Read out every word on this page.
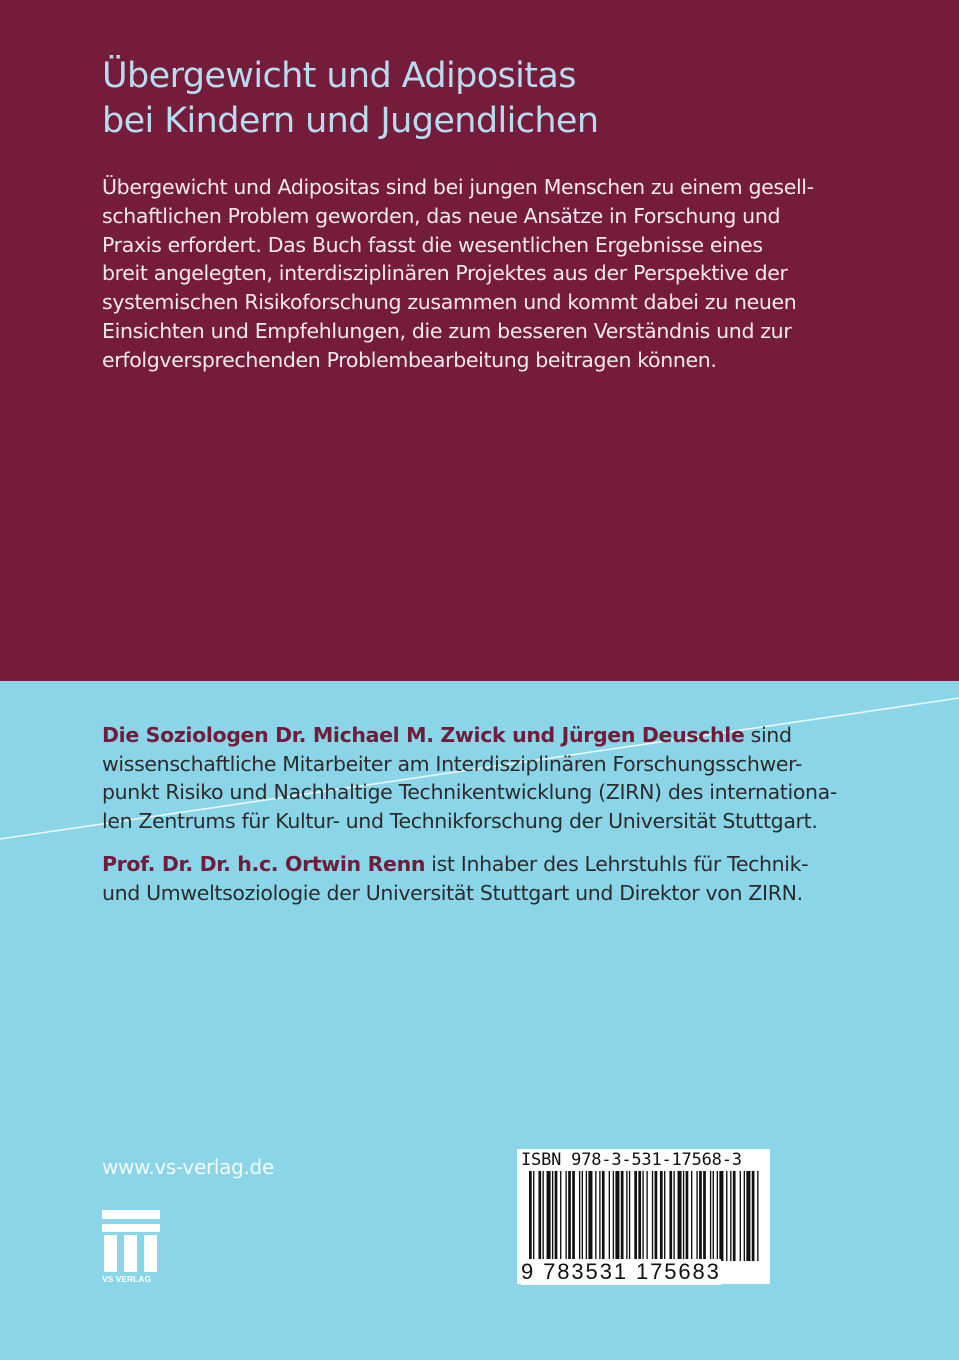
Übergewicht und Adipositas
bei Kindern und Jugendlichen
Übergewicht und Adipositas sind bei jungen Menschen zu einem gesell-
schaftlichen Problem geworden, das neue Ansätze in Forschung und
Praxis erfordert. Das Buch fasst die wesentlichen Ergebnisse eines
breit angelegten, interdisziplinären Projektes aus der Perspektive der
systemischen Risikoforschung zusammen und kommt dabei zu neuen
Einsichten und Empfehlungen, die zum besseren Verständnis und zur
erfolgversprechenden Problembearbeitung beitragen können.
Die Soziologen Dr. Michael M. Zwick und Jürgen Deuschle sind
wissenschaftliche Mitarbeiter am Interdisziplinären Forschungsschwer-
punkt Risiko und Nachhaltige Technikentwicklung (ZIRN) des internationa-
len Zentrums für Kultur- und Technikforschung der Universität Stuttgart.
Prof. Dr. Dr. h.c. Ortwin Renn ist Inhaber des Lehrstuhls für Technik-
und Umweltsoziologie der Universität Stuttgart und Direktor von ZIRN.
www.vs-verlag.de
VS VERLAG
ISBN 978-3-531-17568-3
9 783531 175683
